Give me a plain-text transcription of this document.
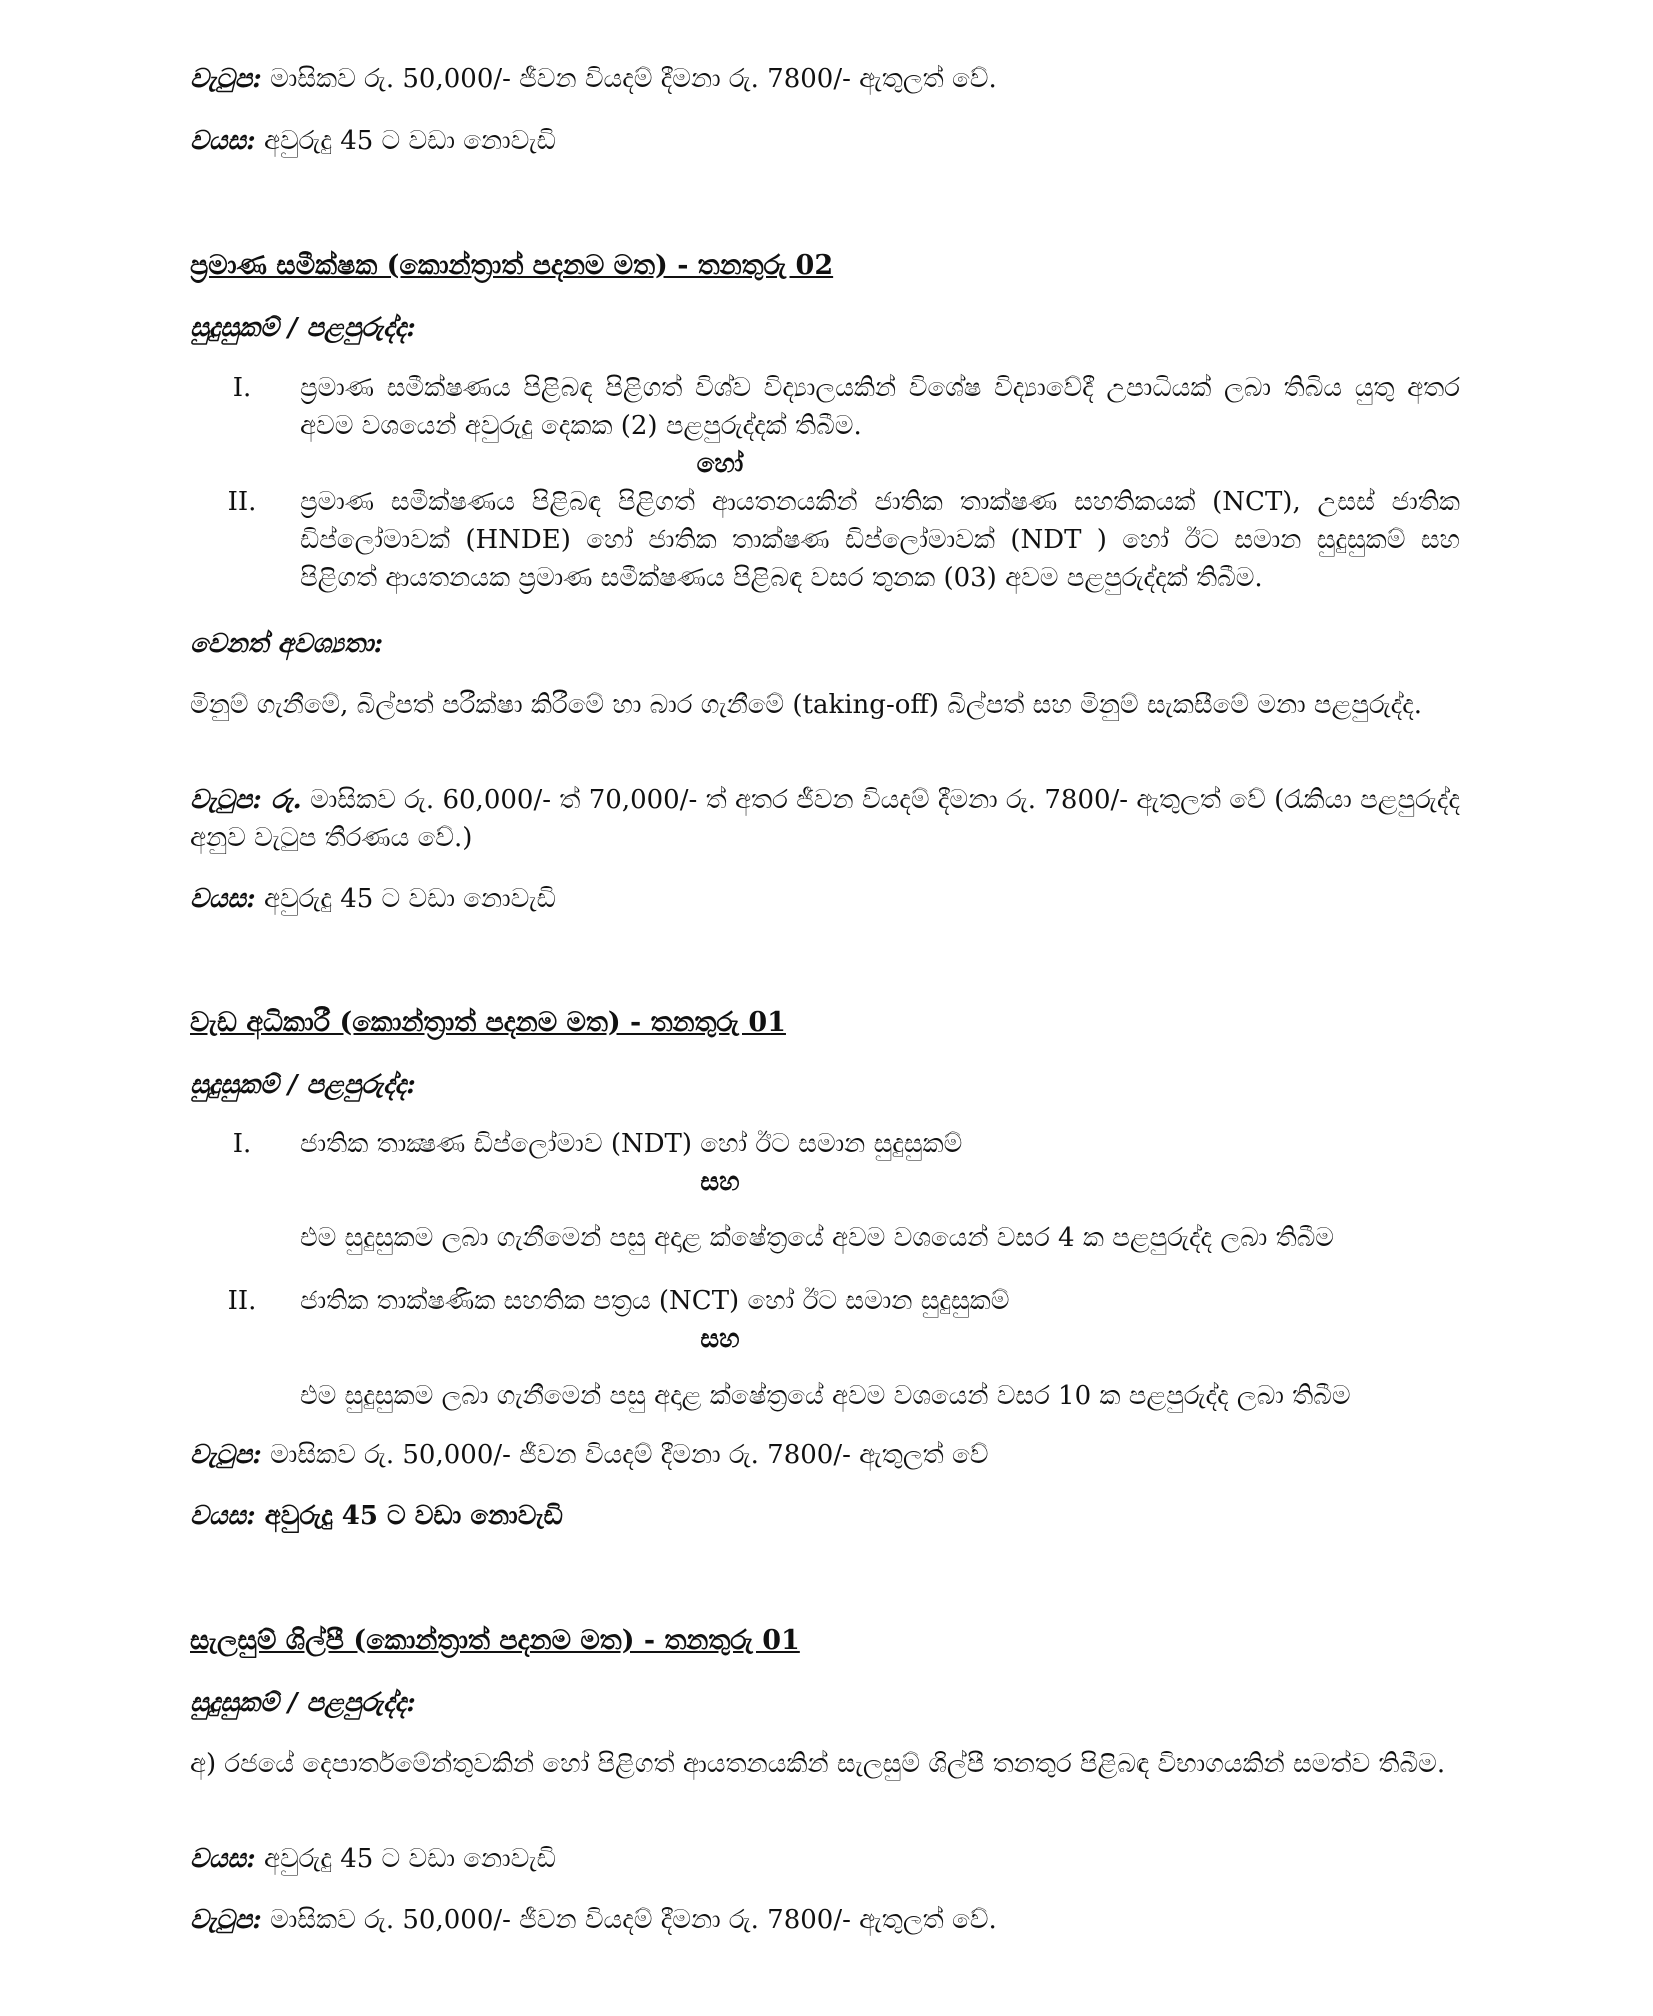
වැටුප: මාසිකව රු. 50,000/- ජීවන වියදම් දීමනා රු. 7800/- ඇතුලත් වේ.

වයස: අවුරුදු 45 ට වඩා නොවැඩි

ප්‍රමාණ සමීක්ෂක (කොන්ත්‍රාත් පදනම මත) - තනතුරු 02

සුදුසුකම් / පළපුරුද්ද:

I.	ප්‍රමාණ සමීක්ෂණය පිළිබඳ පිළිගත් විශ්ව විද්‍යාලයකින් විශේෂ විද්‍යාවේදී උපාධියක් ලබා තිබිය යුතු අතර අවම වශයෙන් අවුරුදු දෙකක (2) පළපුරුද්දක් තිබීම.

හෝ
II. ප්‍රමාණ සමීක්ෂණය පිළිබඳ පිළිගත් ආයතනයකින් ජාතික තාක්ෂණ සහතිකයක් (NCT), උසස් ජාතික ඩිප්ලෝමාවක් (HNDE) හෝ ජාතික තාක්ෂණ ඩිප්ලෝමාවක් (NDT ) හෝ ඊට සමාන සුදුසුකම් සහ පිළිගත් ආයතනයක ප්‍රමාණ සමීක්ෂණය පිළිබඳ වසර තුනක (03) අවම පළපුරුද්දක් තිබීම.

වෙනත් අවශ්‍යතා:

මිනුම් ගැනීමේ, බිල්පත් පරීක්ෂා කිරීමේ හා බාර ගැනීමේ (taking-off) බිල්පත් සහ මිනුම් සැකසීමේ මනා පළපුරුද්ද.

වැටුප: රු. මාසිකව රු. 60,000/- ත් 70,000/- ත් අතර ජීවන වියදම් දීමනා රු. 7800/- ඇතුලත් වේ (රැකියා පළපුරුද්ද අනුව වැටුප තීරණය වේ.)

වයස: අවුරුදු 45 ට වඩා නොවැඩි

වැඩ අධිකාරී (කොන්ත්‍රාත් පදනම මත) - තනතුරු 01

සුදුසුකම් / පළපුරුද්ද:

I.	ජාතික තාක්‍ෂණ ඩිප්ලෝමාව (NDT) හෝ ඊට සමාන සුදුසුකම්

සහ

එම සුදුසුකම ලබා ගැනීමෙන් පසු අදාළ ක්ෂේත්‍රයේ අවම වශයෙන් වසර 4 ක පළපුරුද්ද ලබා තිබීම

II. ජාතික තාක්ෂණික සහතික පත්‍රය (NCT) හෝ ඊට සමාන සුදුසුකම්

සහ

එම සුදුසුකම ලබා ගැනීමෙන් පසු අදාළ ක්ෂේත්‍රයේ අවම වශයෙන් වසර 10 ක පළපුරුද්ද ලබා තිබීම

වැටුප: මාසිකව රු. 50,000/- ජීවන වියදම් දීමනා රු. 7800/- ඇතුලත් වේ

වයස: අවුරුදු 45 ට වඩා නොවැඩි

සැලසුම් ශිල්පී (කොන්ත්‍රාත් පදනම මත) - තනතුරු 01

සුදුසුකම් / පළපුරුද්ද:

අ) රජයේ දෙපාර්තමේන්තුවකින් හෝ පිළිගත් ආයතනයකින් සැලසුම් ශිල්පී තනතුර පිළිබඳ විභාගයකින් සමත්ව තිබීම.

වයස: අවුරුදු 45 ට වඩා නොවැඩි

වැටුප: මාසිකව රු. 50,000/- ජීවන වියදම් දීමනා රු. 7800/- ඇතුලත් වේ.
